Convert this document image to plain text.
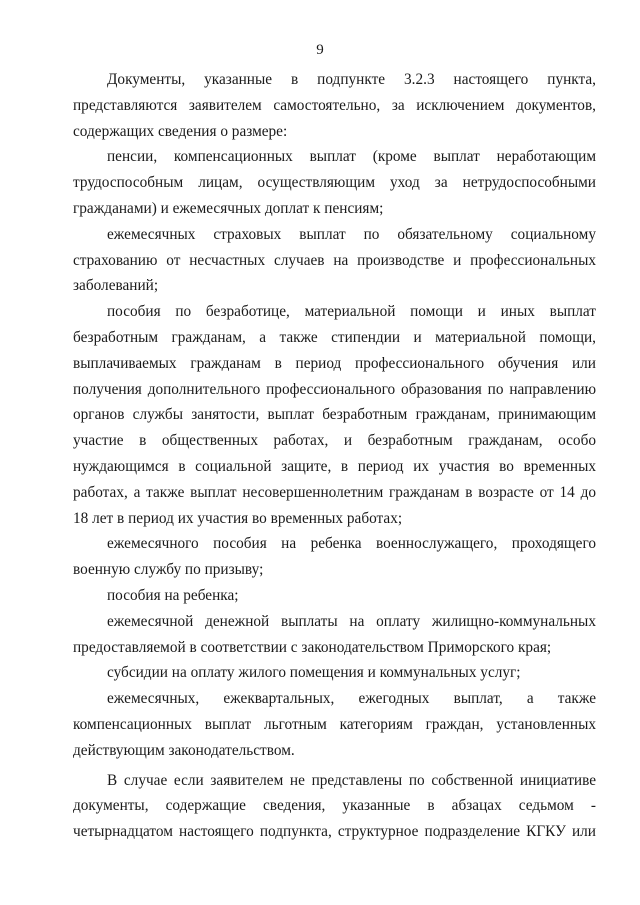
9
Документы, указанные в подпункте 3.2.3 настоящего пункта,
представляются заявителем самостоятельно, за исключением документов,
содержащих сведения о размере:
пенсии, компенсационных выплат (кроме выплат неработающим
трудоспособным лицам, осуществляющим уход за нетрудоспособными
гражданами) и ежемесячных доплат к пенсиям;
ежемесячных страховых выплат по обязательному социальному
страхованию от несчастных случаев на производстве и профессиональных
заболеваний;
пособия по безработице, материальной помощи и иных выплат
безработным гражданам, а также стипендии и материальной помощи,
выплачиваемых гражданам в период профессионального обучения или
получения дополнительного профессионального образования по направлению
органов службы занятости, выплат безработным гражданам, принимающим
участие в общественных работах, и безработным гражданам, особо
нуждающимся в социальной защите, в период их участия во временных
работах, а также выплат несовершеннолетним гражданам в возрасте от 14 до
18 лет в период их участия во временных работах;
ежемесячного пособия на ребенка военнослужащего, проходящего
военную службу по призыву;
пособия на ребенка;
ежемесячной денежной выплаты на оплату жилищно-коммунальных
предоставляемой в соответствии с законодательством Приморского края;
субсидии на оплату жилого помещения и коммунальных услуг;
ежемесячных, ежеквартальных, ежегодных выплат, а также
компенсационных выплат льготным категориям граждан, установленных
действующим законодательством.
В случае если заявителем не представлены по собственной инициативе
документы, содержащие сведения, указанные в абзацах седьмом -
четырнадцатом настоящего подпункта, структурное подразделение КГКУ или
